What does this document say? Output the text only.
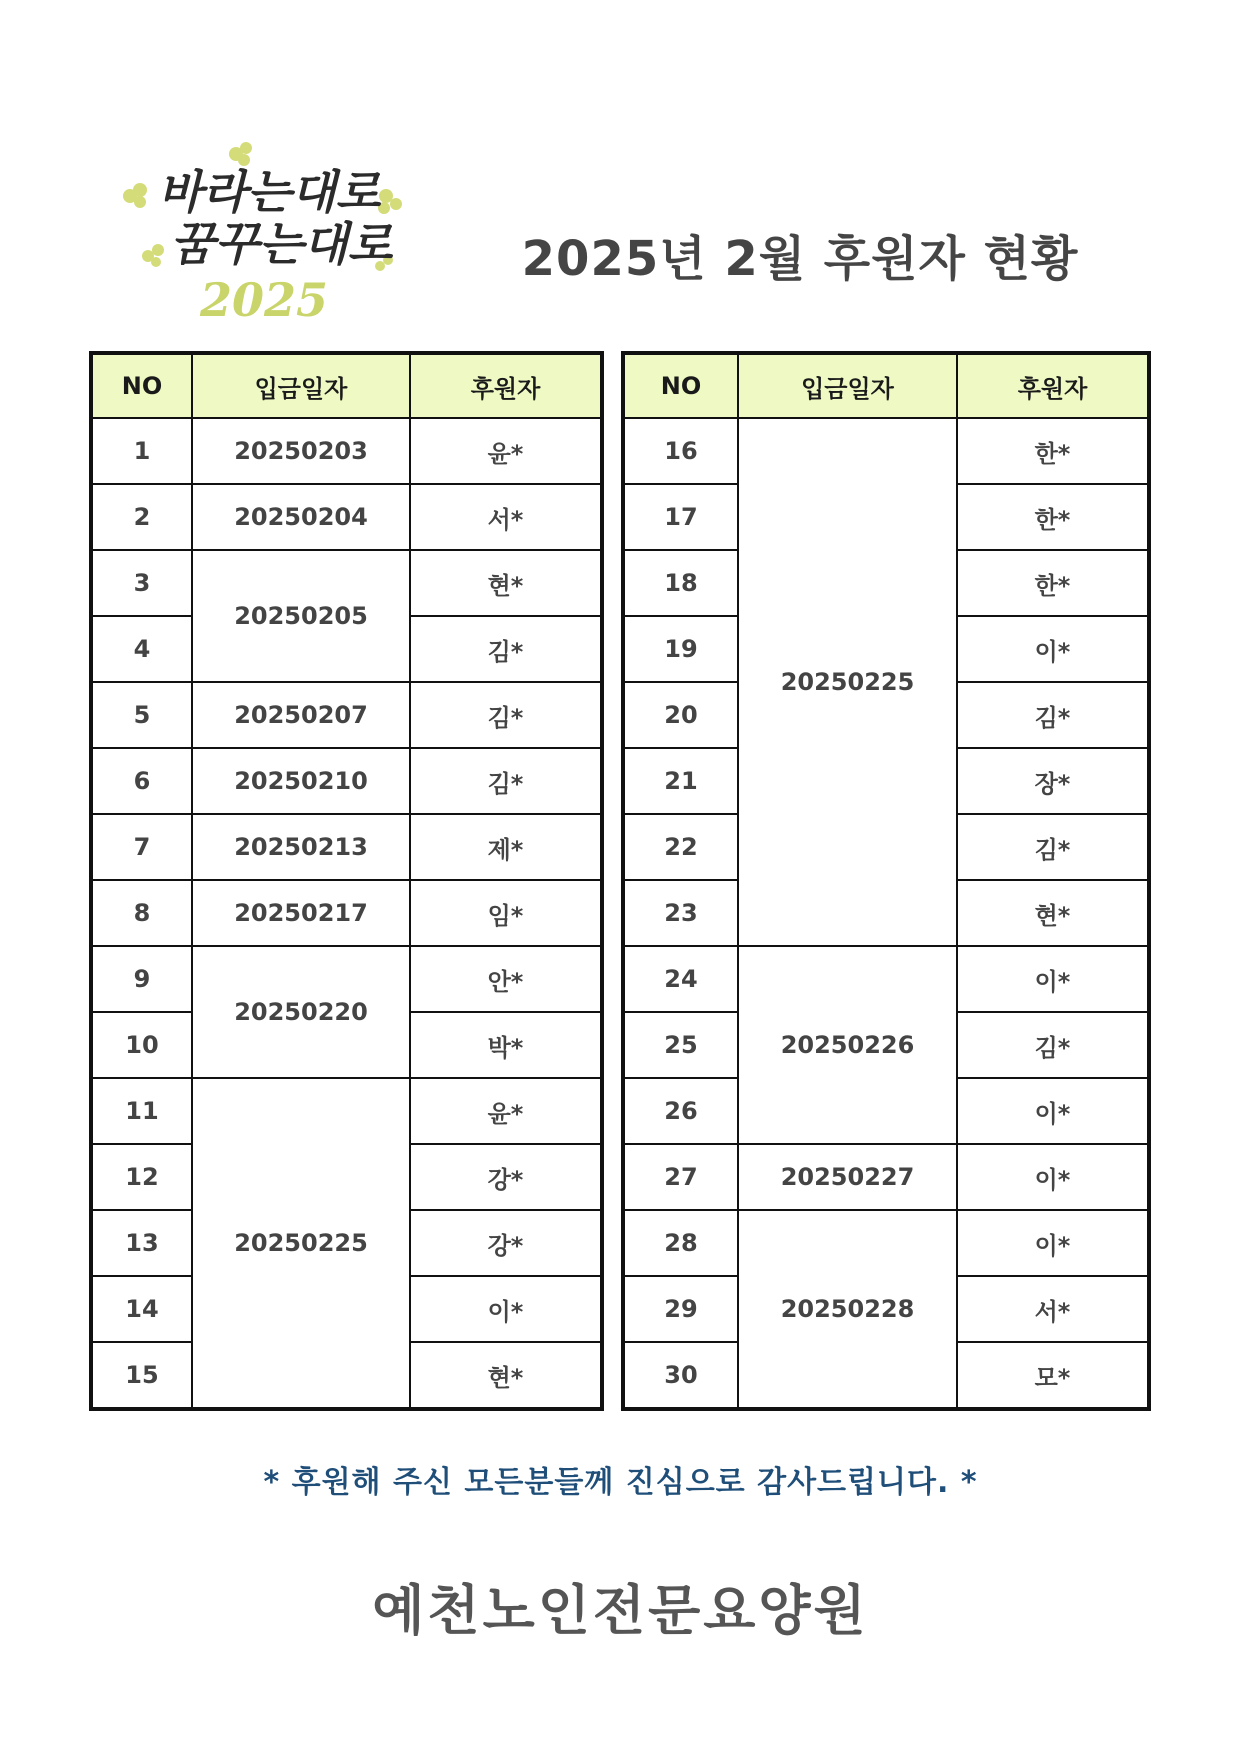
바라는대로
꿈꾸는대로
2025
2025년 2월 후원자 현황
NO	입금일자	후원자
1	20250203	윤*
2	20250204	서*
3	20250205	현*
4		김*
5	20250207	김*
6	20250210	김*
7	20250213	제*
8	20250217	임*
9	20250220	안*
10		박*
11	20250225	윤*
12		강*
13		강*
14		이*
15		현*
NO	입금일자	후원자
16	20250225	한*
17		한*
18		한*
19		이*
20		김*
21		장*
22		김*
23		현*
24	20250226	이*
25		김*
26		이*
27	20250227	이*
28	20250228	이*
29		서*
30		모*
* 후원해 주신 모든분들께 진심으로 감사드립니다. *
예천노인전문요양원
